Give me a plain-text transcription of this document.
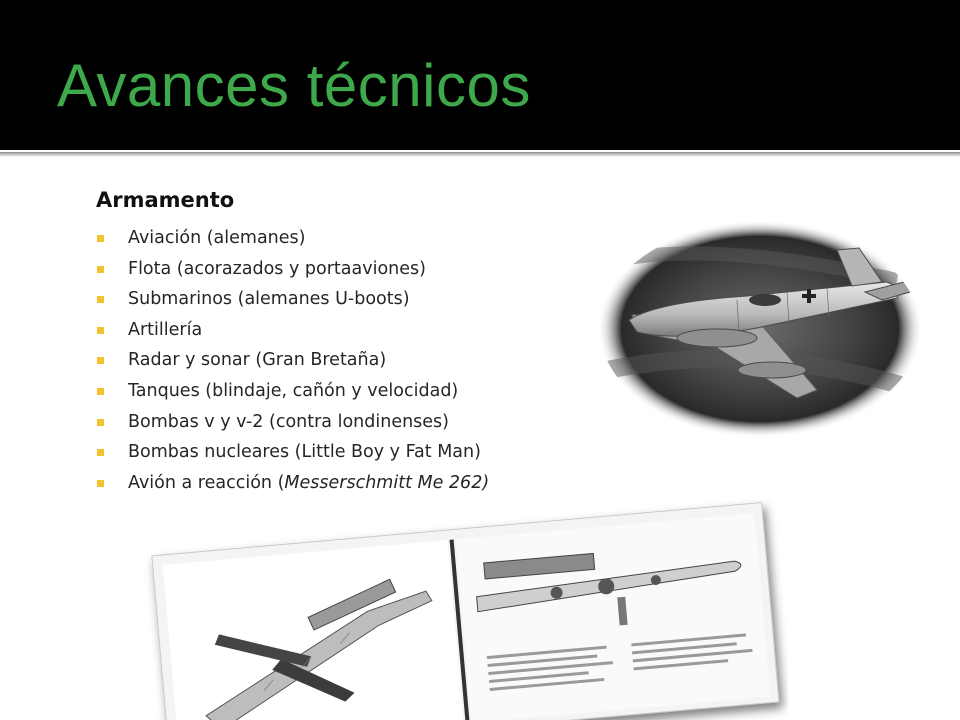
Avances técnicos
Armamento
Aviación (alemanes)
Flota (acorazados y portaaviones)
Submarinos (alemanes U-boots)
Artillería
Radar y sonar (Gran Bretaña)
Tanques (blindaje, cañón y velocidad)
Bombas v y v-2 (contra londinenses)
Bombas nucleares (Little Boy y Fat Man)
Avión a reacción (Messerschmitt Me 262)
